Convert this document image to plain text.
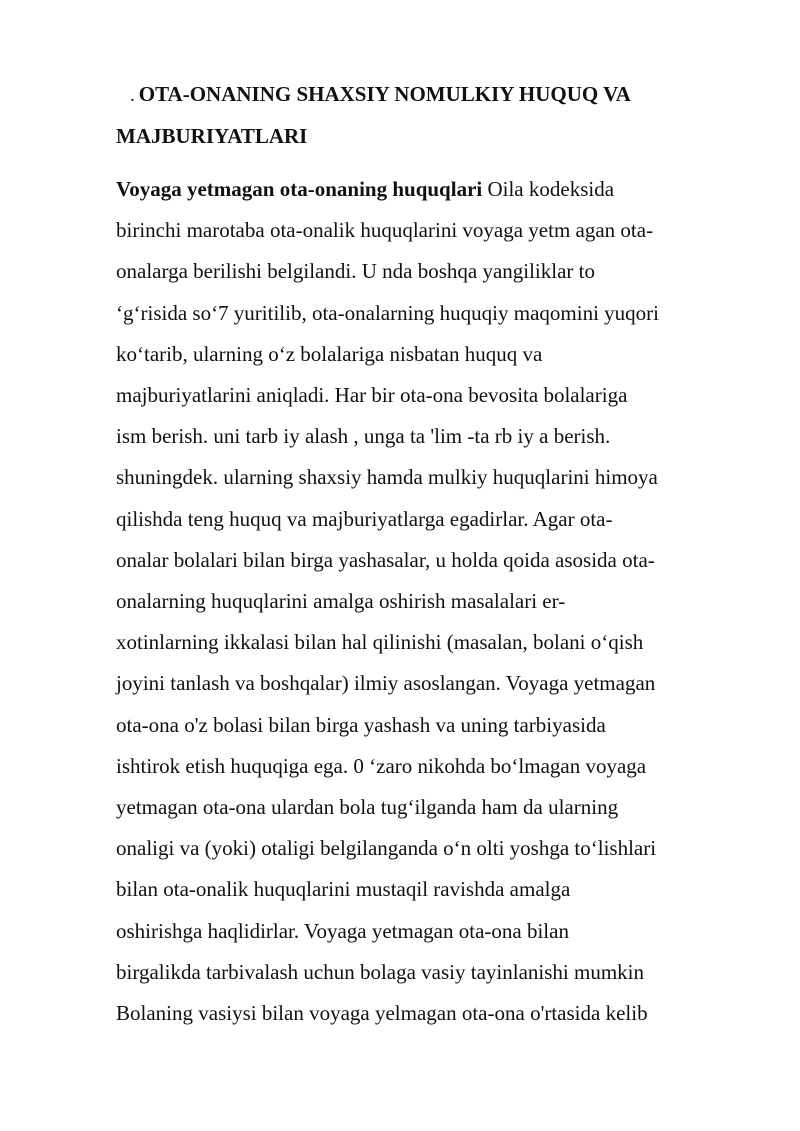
. OTA-ONANING SHAXSIY NOMULKIY HUQUQ VA
MAJBURIYATLARI
Voyaga yetmagan ota-onaning huquqlari Oila kodeksida
birinchi marotaba ota-onalik huquqlarini voyaga yetm agan ota-
onalarga berilishi belgilandi. U nda boshqa yangiliklar to
‘g‘risida so‘7 yuritilib, ota-onalarning huquqiy maqomini yuqori
ko‘tarib, ularning o‘z bolalariga nisbatan huquq va
majburiyatlarini aniqladi. Har bir ota-ona bevosita bolalariga
ism berish. uni tarb iy alash , unga ta 'lim -ta rb iy a berish.
shuningdek. ularning shaxsiy hamda mulkiy huquqlarini himoya
qilishda teng huquq va majburiyatlarga egadirlar. Agar ota-
onalar bolalari bilan birga yashasalar, u holda qoida asosida ota-
onalarning huquqlarini amalga oshirish masalalari er-
xotinlarning ikkalasi bilan hal qilinishi (masalan, bolani o‘qish
joyini tanlash va boshqalar) ilmiy asoslangan. Voyaga yetmagan
ota-ona o'z bolasi bilan birga yashash va uning tarbiyasida
ishtirok etish huquqiga ega. 0 ‘zaro nikohda bo‘lmagan voyaga
yetmagan ota-ona ulardan bola tug‘ilganda ham da ularning
onaligi va (yoki) otaligi belgilanganda o‘n olti yoshga to‘lishlari
bilan ota-onalik huquqlarini mustaqil ravishda amalga
oshirishga haqlidirlar. Voyaga yetmagan ota-ona bilan
birgalikda tarbivalash uchun bolaga vasiy tayinlanishi mumkin
Bolaning vasiysi bilan voyaga yelmagan ota-ona o'rtasida kelib
